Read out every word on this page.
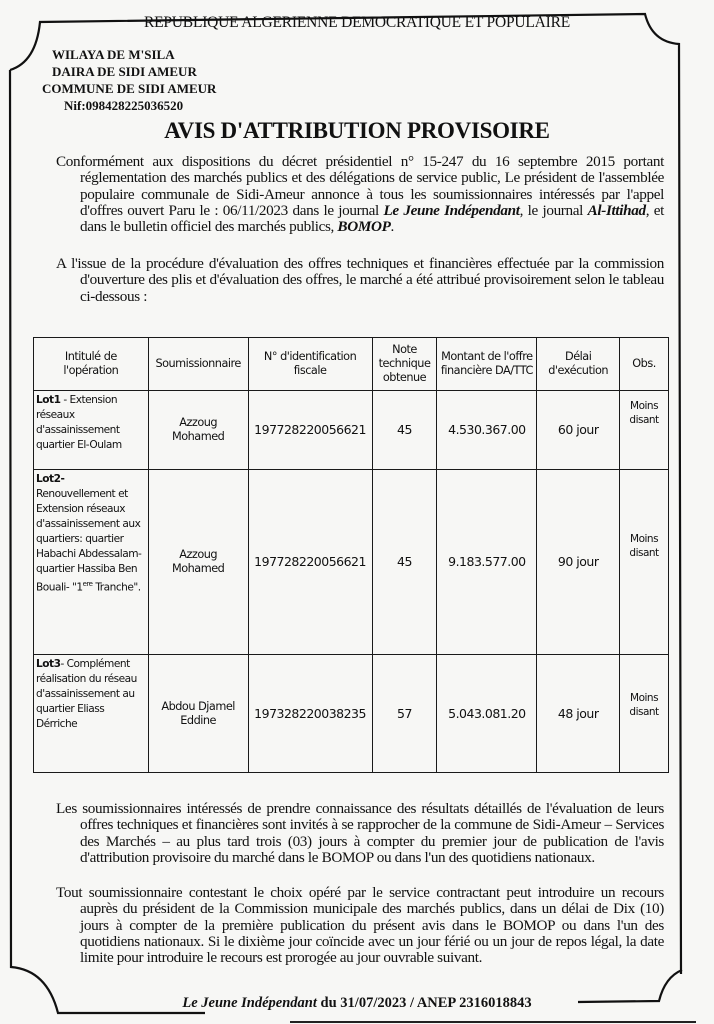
REPUBLIQUE ALGERIENNE DEMOCRATIQUE ET POPULAIRE
WILAYA DE M'SILA
DAIRA DE SIDI AMEUR
COMMUNE DE SIDI AMEUR
Nif:098428225036520
AVIS D'ATTRIBUTION PROVISOIRE
Conformément aux dispositions du décret présidentiel n° 15-247 du 16 septembre 2015 portant réglementation des marchés publics et des délégations de service public, Le président de l'assemblée populaire communale de Sidi-Ameur annonce à tous les soumissionnaires intéressés par l'appel d'offres ouvert Paru le : 06/11/2023 dans le journal Le Jeune Indépendant, le journal Al-Ittihad, et dans le bulletin officiel des marchés publics, BOMOP.
A l'issue de la procédure d'évaluation des offres techniques et financières effectuée par la commission d'ouverture des plis et d'évaluation des offres, le marché a été attribué provisoirement selon le tableau ci-dessous :
Intitulé de l'opération	Soumissionnaire	N° d'identification fiscale	Note technique obtenue	Montant de l'offre financière DA/TTC	Délai d'exécution	Obs.
Lot1 - Extension réseaux d'assainissement quartier El-Oulam	Azzoug Mohamed	197728220056621	45	4.530.367.00	60 jour	Moins disant
Lot2-
Renouvellement et Extension réseaux d'assainissement aux quartiers: quartier Habachi Abdessalam-quartier Hassiba Ben Bouali- "1ere Tranche".	Azzoug Mohamed	197728220056621	45	9.183.577.00	90 jour	Moins disant
Lot3- Complément réalisation du réseau d'assainissement au quartier Eliass Dérriche	Abdou Djamel Eddine	197328220038235	57	5.043.081.20	48 jour	Moins disant
Les soumissionnaires intéressés de prendre connaissance des résultats détaillés de l'évaluation de leurs offres techniques et financières sont invités à se rapprocher de la commune de Sidi-Ameur – Services des Marchés – au plus tard trois (03) jours à compter du premier jour de publication de l'avis d'attribution provisoire du marché dans le BOMOP ou dans l'un des quotidiens nationaux.
Tout soumissionnaire contestant le choix opéré par le service contractant peut introduire un recours auprès du président de la Commission municipale des marchés publics, dans un délai de Dix (10) jours à compter de la première publication du présent avis dans le BOMOP ou dans l'un des quotidiens nationaux. Si le dixième jour coïncide avec un jour férié ou un jour de repos légal, la date limite pour introduire le recours est prorogée au jour ouvrable suivant.
Le Jeune Indépendant du 31/07/2023 / ANEP 2316018843
